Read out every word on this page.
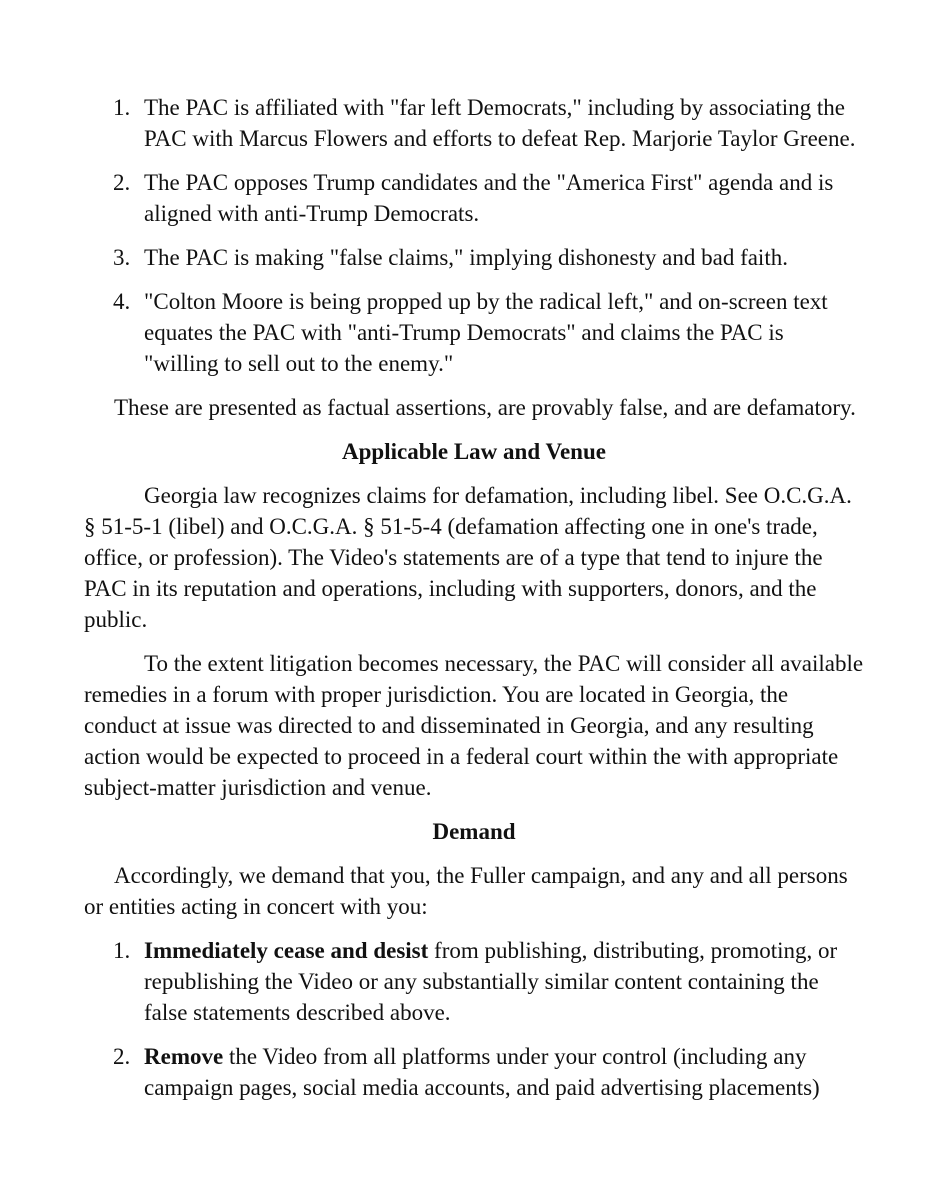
1. The PAC is affiliated with "far left Democrats," including by associating the PAC with Marcus Flowers and efforts to defeat Rep. Marjorie Taylor Greene.
2. The PAC opposes Trump candidates and the "America First" agenda and is aligned with anti-Trump Democrats.
3. The PAC is making "false claims," implying dishonesty and bad faith.
4. "Colton Moore is being propped up by the radical left," and on-screen text equates the PAC with "anti-Trump Democrats" and claims the PAC is "willing to sell out to the enemy."

These are presented as factual assertions, are provably false, and are defamatory.

Applicable Law and Venue

Georgia law recognizes claims for defamation, including libel. See O.C.G.A. § 51-5-1 (libel) and O.C.G.A. § 51-5-4 (defamation affecting one in one's trade, office, or profession). The Video's statements are of a type that tend to injure the PAC in its reputation and operations, including with supporters, donors, and the public.

To the extent litigation becomes necessary, the PAC will consider all available remedies in a forum with proper jurisdiction. You are located in Georgia, the conduct at issue was directed to and disseminated in Georgia, and any resulting action would be expected to proceed in a federal court within the with appropriate subject-matter jurisdiction and venue.

Demand

Accordingly, we demand that you, the Fuller campaign, and any and all persons or entities acting in concert with you:

1. Immediately cease and desist from publishing, distributing, promoting, or republishing the Video or any substantially similar content containing the false statements described above.
2. Remove the Video from all platforms under your control (including any campaign pages, social media accounts, and paid advertising placements)
